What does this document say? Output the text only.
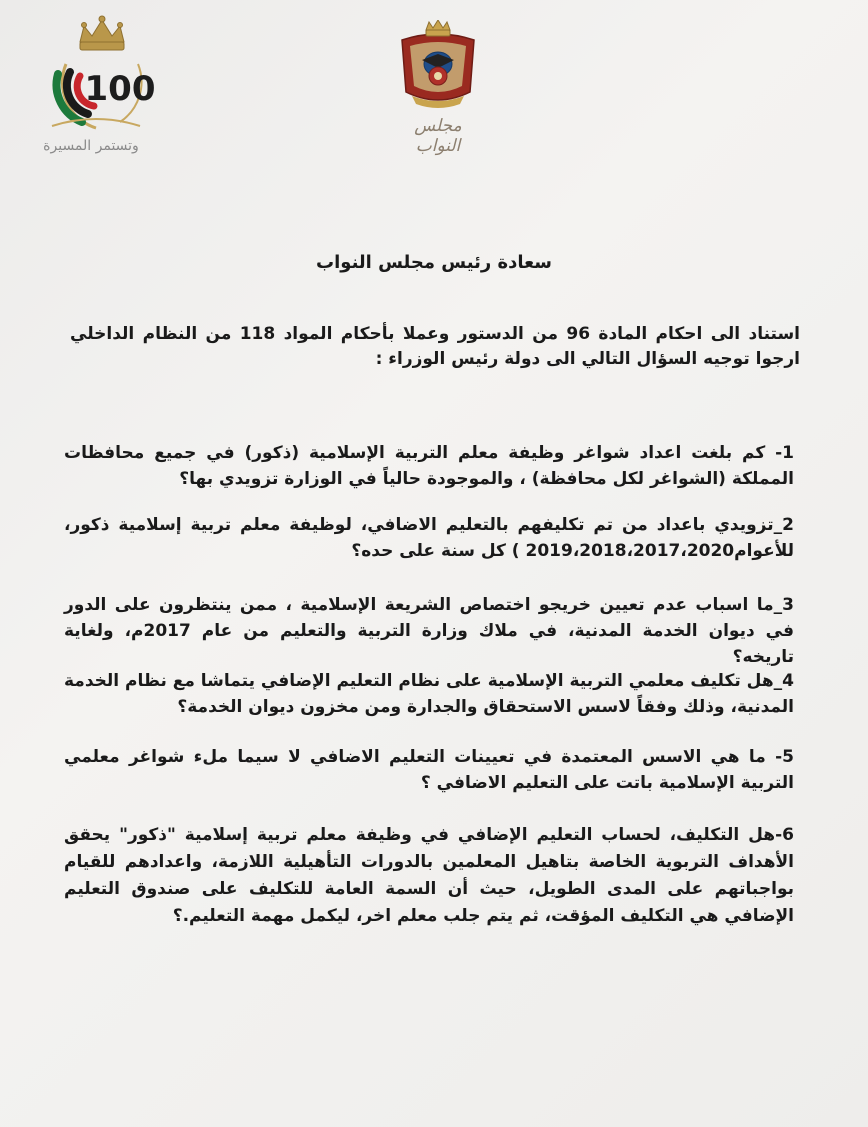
100
وتستمر المسيرة
مجلس النواب
سعادة رئيس مجلس النواب
استناد الى احكام المادة 96 من الدستور وعملا بأحكام المواد 118 من النظام الداخلي ارجوا توجيه السؤال التالي الى دولة رئيس الوزراء :
1- كم بلغت اعداد شواغر وظيفة معلم التربية الإسلامية (ذكور) في جميع محافظات المملكة (الشواغر لكل محافظة) ، والموجودة حالياً في الوزارة تزويدي بها؟
2_تزويدي باعداد من تم تكليفهم بالتعليم الاضافي، لوظيفة معلم تربية إسلامية ذكور، للأعوام2019،2018،2017،2020 ) كل سنة على حده؟
3_ما اسباب عدم تعيين خريجو اختصاص الشريعة الإسلامية ، ممن ينتظرون على الدور في ديوان الخدمة المدنية، في ملاك وزارة التربية والتعليم من عام 2017م، ولغاية تاريخه؟
4_هل تكليف معلمي التربية الإسلامية على نظام التعليم الإضافي يتماشا مع نظام الخدمة المدنية، وذلك وفقاً لاسس الاستحقاق والجدارة ومن مخزون ديوان الخدمة؟
5- ما هي الاسس المعتمدة في تعيينات التعليم الاضافي لا سيما ملء شواغر معلمي التربية الإسلامية باتت على التعليم الاضافي ؟
6-هل التكليف، لحساب التعليم الإضافي في وظيفة معلم تربية إسلامية "ذكور" يحقق الأهداف التربوية الخاصة بتاهيل المعلمين بالدورات التأهيلية اللازمة، واعدادهم للقيام بواجباتهم على المدى الطويل، حيث أن السمة العامة للتكليف على صندوق التعليم الإضافي هي التكليف المؤقت، ثم يتم جلب معلم اخر، ليكمل مهمة التعليم.؟
